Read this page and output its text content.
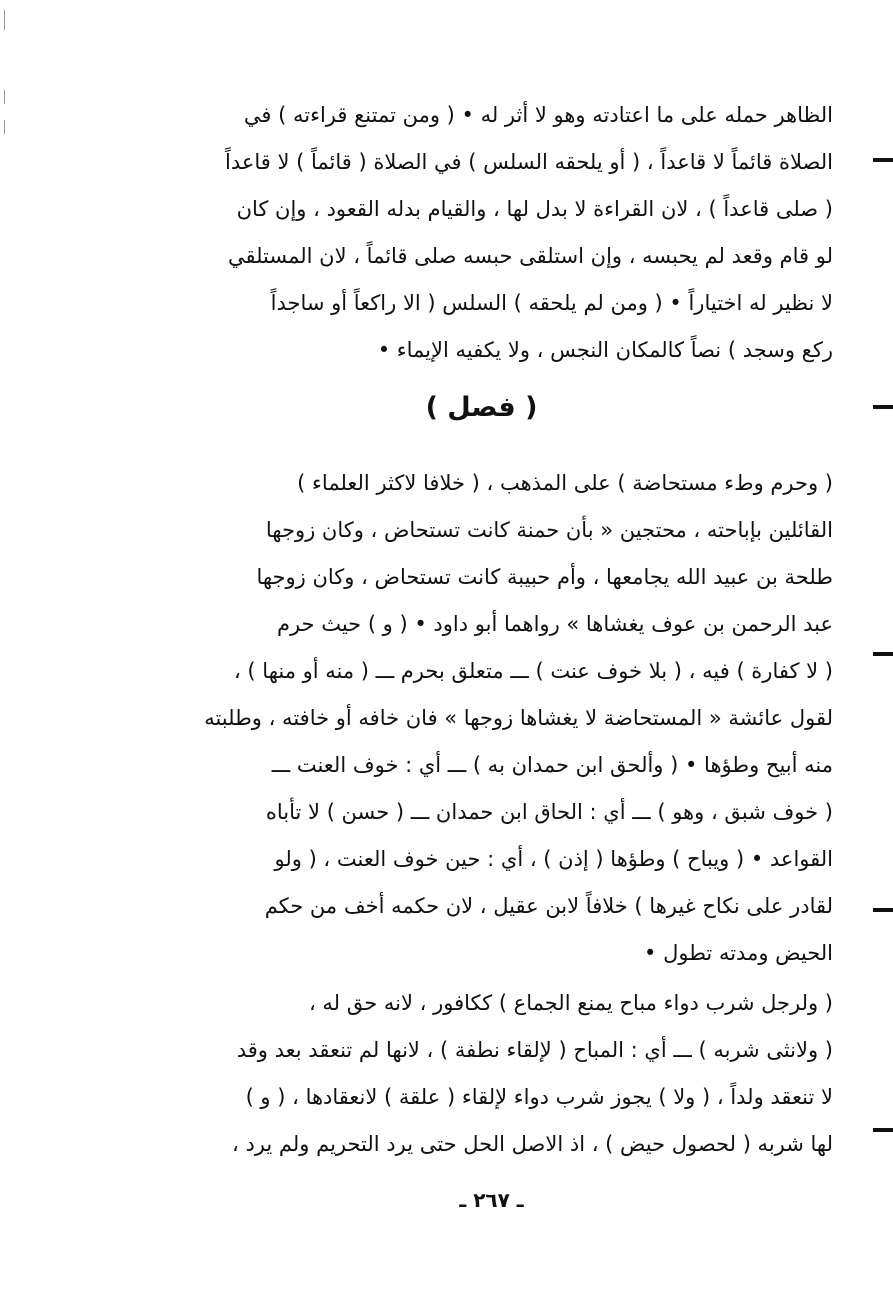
الظاهر حمله على ما اعتادته وهو لا أثر له • ( ومن تمتنع قراءته ) في
الصلاة قائماً لا قاعداً ، ( أو يلحقه السلس ) في الصلاة ( قائماً ) لا قاعداً
( صلى قاعداً ) ، لان القراءة لا بدل لها ، والقيام بدله القعود ، وإن كان
لو قام وقعد لم يحبسه ، وإن استلقى حبسه صلى قائماً ، لان المستلقي
لا نظير له اختياراً • ( ومن لم يلحقه ) السلس ( الا راكعاً أو ساجداً
ركع وسجد ) نصاً كالمكان النجس ، ولا يكفيه الإيماء •
( فصل )
( وحرم وطء مستحاضة ) على المذهب ، ( خلافا لاكثر العلماء )
القائلين بإباحته ، محتجين « بأن حمنة كانت تستحاض ، وكان زوجها
طلحة بن عبيد الله يجامعها ، وأم حبيبة كانت تستحاض ، وكان زوجها
عبد الرحمن بن عوف يغشاها » رواهما أبو داود • ( و ) حيث حرم
( لا كفارة ) فيه ، ( بلا خوف عنت ) ـــ متعلق بحرم ـــ ( منه أو منها ) ،
لقول عائشة « المستحاضة لا يغشاها زوجها » فان خافه أو خافته ، وطلبته
منه أبيح وطؤها • ( وألحق ابن حمدان به ) ـــ أي : خوف العنت ـــ
( خوف شبق ، وهو ) ـــ أي : الحاق ابن حمدان ـــ ( حسن ) لا تأباه
القواعد • ( ويباح ) وطؤها ( إذن ) ، أي : حين خوف العنت ، ( ولو
لقادر على نكاح غيرها ) خلافاً لابن عقيل ، لان حكمه أخف من حكم
الحيض ومدته تطول •
( ولرجل شرب دواء مباح يمنع الجماع ) ككافور ، لانه حق له ،
( ولانثى شربه ) ـــ أي : المباح ( لإلقاء نطفة ) ، لانها لم تنعقد بعد وقد
لا تنعقد ولداً ، ( ولا ) يجوز شرب دواء لإلقاء ( علقة ) لانعقادها ، ( و )
لها شربه ( لحصول حيض ) ، اذ الاصل الحل حتى يرد التحريم ولم يرد ،
ـ ٢٦٧ ـ
